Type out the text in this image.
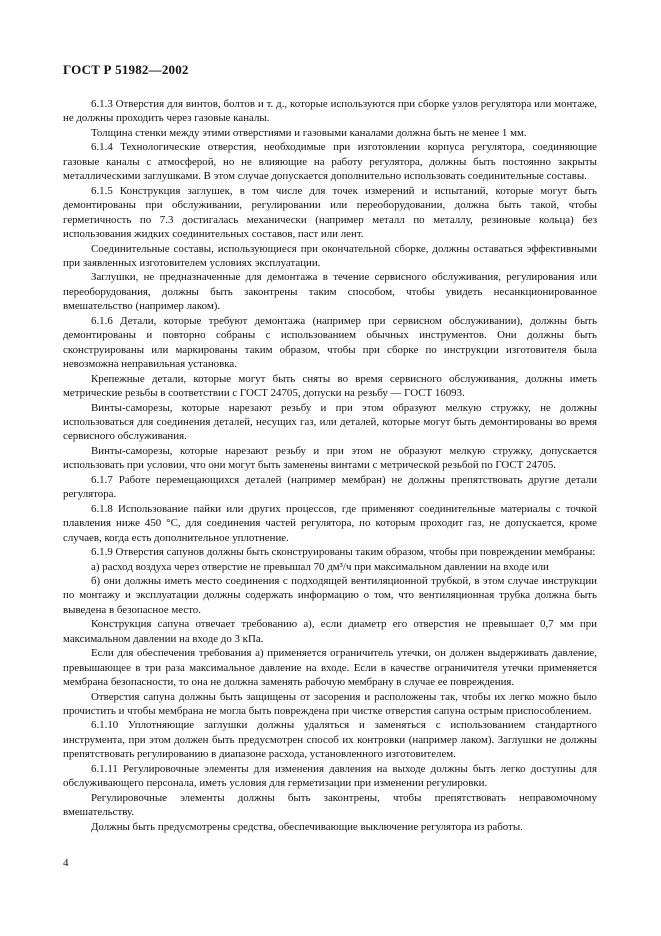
ГОСТ Р 51982—2002

6.1.3 Отверстия для винтов, болтов и т. д., которые используются при сборке узлов регулятора или монтаже, не должны проходить через газовые каналы.

Толщина стенки между этими отверстиями и газовыми каналами должна быть не менее 1 мм.

6.1.4 Технологические отверстия, необходимые при изготовлении корпуса регулятора, соединяющие газовые каналы с атмосферой, но не влияющие на работу регулятора, должны быть постоянно закрыты металлическими заглушками. В этом случае допускается дополнительно использовать соединительные составы.

6.1.5 Конструкция заглушек, в том числе для точек измерений и испытаний, которые могут быть демонтированы при обслуживании, регулировании или переоборудовании, должна быть такой, чтобы герметичность по 7.3 достигалась механически (например металл по металлу, резиновые кольца) без использования жидких соединительных составов, паст или лент.

Соединительные составы, использующиеся при окончательной сборке, должны оставаться эффективными при заявленных изготовителем условиях эксплуатации.

Заглушки, не предназначенные для демонтажа в течение сервисного обслуживания, регулирования или переоборудования, должны быть законтрены таким способом, чтобы увидеть несанкционированное вмешательство (например лаком).

6.1.6 Детали, которые требуют демонтажа (например при сервисном обслуживании), должны быть демонтированы и повторно собраны с использованием обычных инструментов. Они должны быть сконструированы или маркированы таким образом, чтобы при сборке по инструкции изготовителя была невозможна неправильная установка.

Крепежные детали, которые могут быть сняты во время сервисного обслуживания, должны иметь метрические резьбы в соответствии с ГОСТ 24705, допуски на резьбу — ГОСТ 16093.

Винты-саморезы, которые нарезают резьбу и при этом образуют мелкую стружку, не должны использоваться для соединения деталей, несущих газ, или деталей, которые могут быть демонтированы во время сервисного обслуживания.

Винты-саморезы, которые нарезают резьбу и при этом не образуют мелкую стружку, допускается использовать при условии, что они могут быть заменены винтами с метрической резьбой по ГОСТ 24705.

6.1.7 Работе перемещающихся деталей (например мембран) не должны препятствовать другие детали регулятора.

6.1.8 Использование пайки или других процессов, где применяют соединительные материалы с точкой плавления ниже 450 °С, для соединения частей регулятора, по которым проходит газ, не допускается, кроме случаев, когда есть дополнительное уплотнение.

6.1.9 Отверстия сапунов должны быть сконструированы таким образом, чтобы при повреждении мембраны:

а) расход воздуха через отверстие не превышал 70 дм³/ч при максимальном давлении на входе или

б) они должны иметь место соединения с подходящей вентиляционной трубкой, в этом случае инструкции по монтажу и эксплуатации должны содержать информацию о том, что вентиляционная трубка должна быть выведена в безопасное место.

Конструкция сапуна отвечает требованию а), если диаметр его отверстия не превышает 0,7 мм при максимальном давлении на входе до 3 кПа.

Если для обеспечения требования а) применяется ограничитель утечки, он должен выдерживать давление, превышающее в три раза максимальное давление на входе. Если в качестве ограничителя утечки применяется мембрана безопасности, то она не должна заменять рабочую мембрану в случае ее повреждения.

Отверстия сапуна должны быть защищены от засорения и расположены так, чтобы их легко можно было прочистить и чтобы мембрана не могла быть повреждена при чистке отверстия сапуна острым приспособлением.

6.1.10 Уплотняющие заглушки должны удаляться и заменяться с использованием стандартного инструмента, при этом должен быть предусмотрен способ их контровки (например лаком). Заглушки не должны препятствовать регулированию в диапазоне расхода, установленного изготовителем.

6.1.11 Регулировочные элементы для изменения давления на выходе должны быть легко доступны для обслуживающего персонала, иметь условия для герметизации при изменении регулировки.

Регулировочные элементы должны быть законтрены, чтобы препятствовать неправомочному вмешательству.

Должны быть предусмотрены средства, обеспечивающие выключение регулятора из работы.

4
